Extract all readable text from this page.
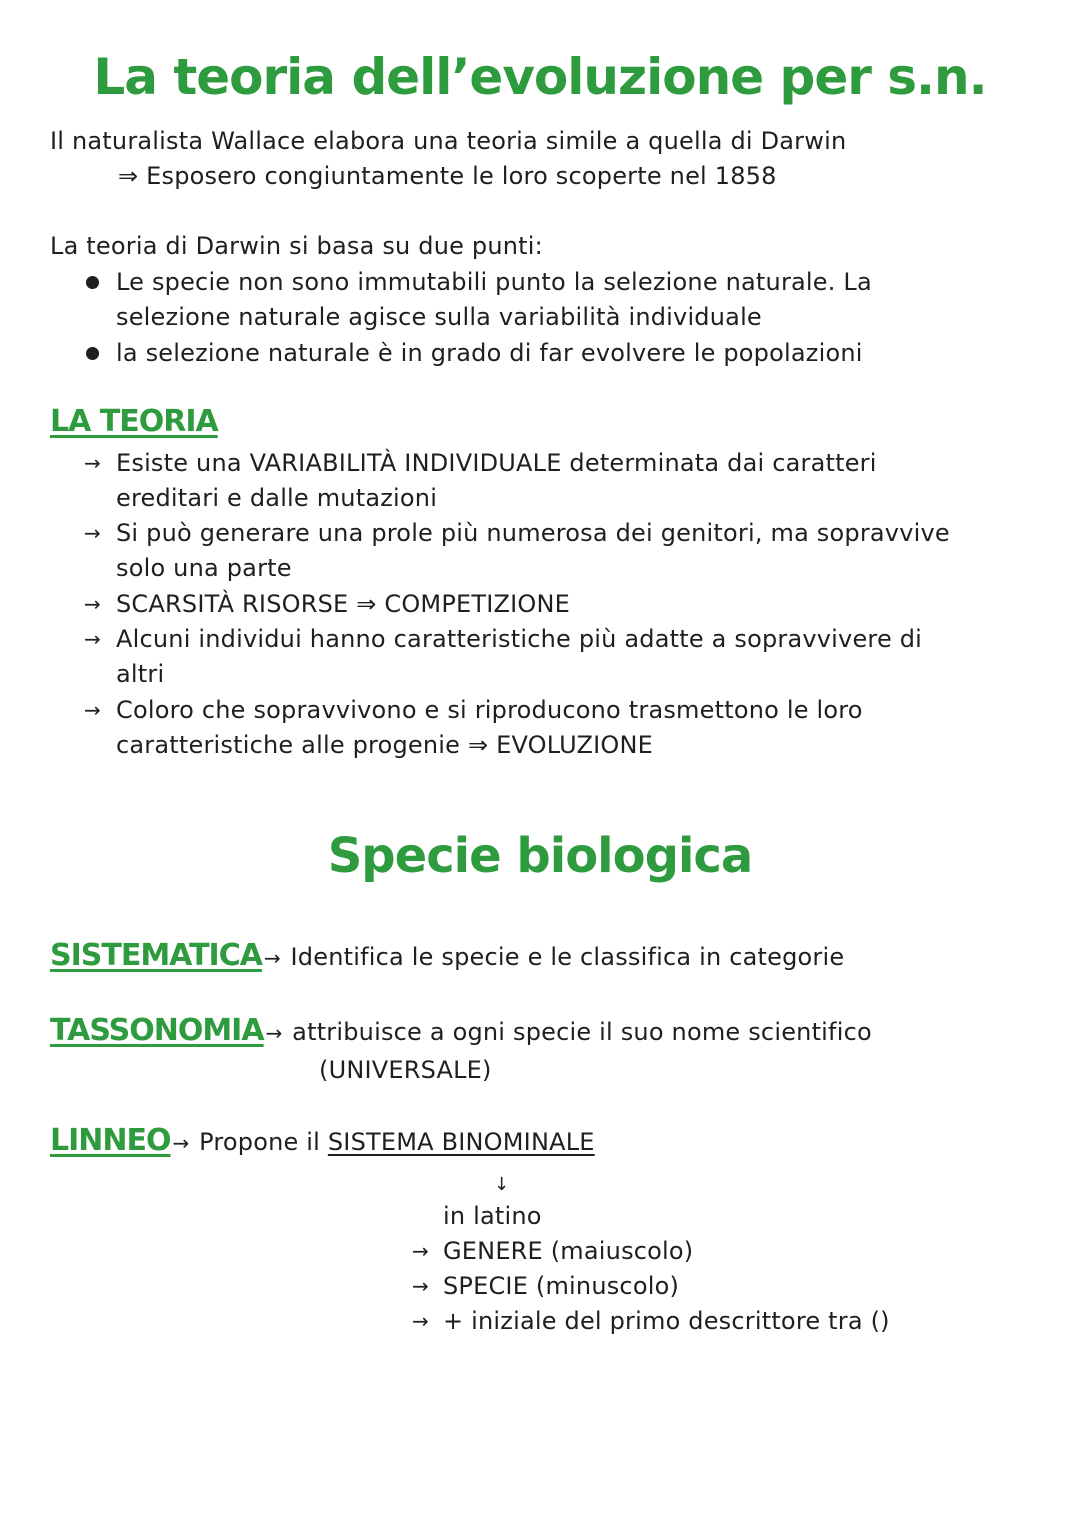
La teoria dell’evoluzione per s.n.
Il naturalista Wallace elabora una teoria simile a quella di Darwin
⇒ Esposero congiuntamente le loro scoperte nel 1858
La teoria di Darwin si basa su due punti:
Le specie non sono immutabili punto la selezione naturale. La
selezione naturale agisce sulla variabilità individuale
la selezione naturale è in grado di far evolvere le popolazioni
LA TEORIA
→ Esiste una VARIABILITÀ INDIVIDUALE determinata dai caratteri
ereditari e dalle mutazioni
→ Si può generare una prole più numerosa dei genitori, ma sopravvive
solo una parte
→ SCARSITÀ RISORSE ⇒ COMPETIZIONE
→ Alcuni individui hanno caratteristiche più adatte a sopravvivere di
altri
→ Coloro che sopravvivono e si riproducono trasmettono le loro
caratteristiche alle progenie ⇒ EVOLUZIONE
Specie biologica
SISTEMATICA → Identifica le specie e le classifica in categorie
TASSONOMIA → attribuisce a ogni specie il suo nome scientifico
(UNIVERSALE)
LINNEO → Propone il SISTEMA BINOMINALE
↓
in latino
→ GENERE (maiuscolo)
→ SPECIE (minuscolo)
→ + iniziale del primo descrittore tra ()
